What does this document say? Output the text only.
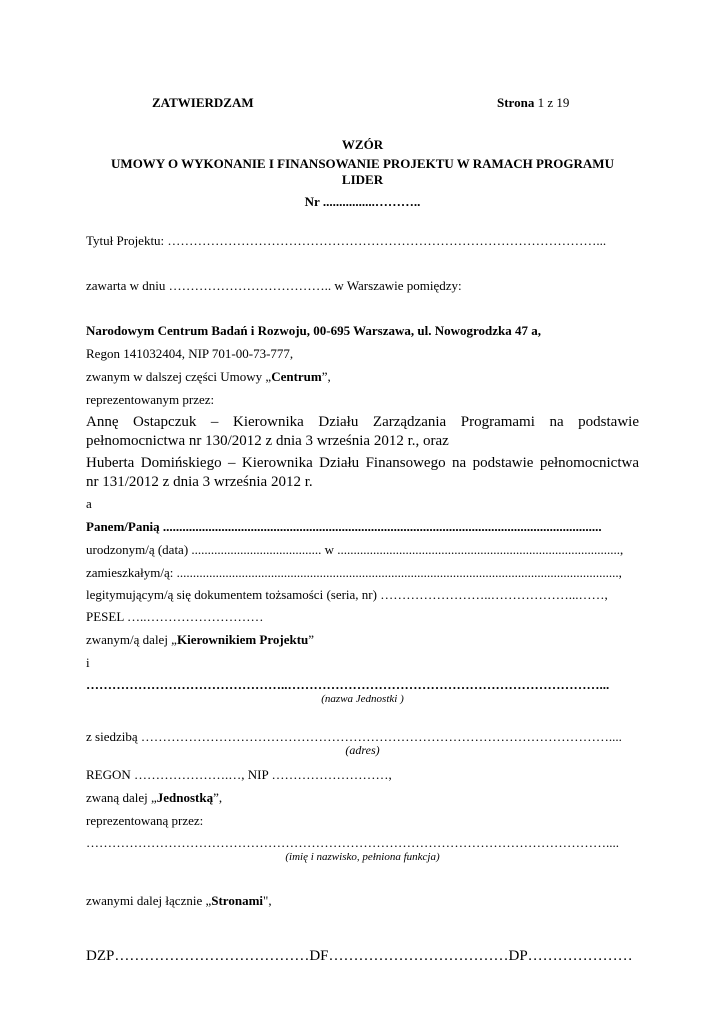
ZATWIERDZAM	Strona 1 z 19
WZÓR
UMOWY O WYKONANIE I FINANSOWANIE PROJEKTU W RAMACH PROGRAMU
LIDER
Nr ................………..
Tytuł Projektu: ………………………………………………………………………………………...
zawarta w dniu ……………………………….. w Warszawie pomiędzy:
Narodowym Centrum Badań i Rozwoju, 00-695 Warszawa, ul. Nowogrodzka 47 a,
Regon 141032404, NIP 701-00-73-777,
zwanym w dalszej części Umowy „Centrum”,
reprezentowanym przez:
Annę Ostapczuk – Kierownika Działu Zarządzania Programami na podstawie
pełnomocnictwa nr 130/2012 z dnia 3 września 2012 r., oraz
Huberta Domińskiego – Kierownika Działu Finansowego na podstawie pełnomocnictwa
nr 131/2012 z dnia 3 września 2012 r.
a
Panem/Panią .......................................................................................................................................
urodzonym/ą (data) ........................................ w .......................................................................................,
zamieszkałym/ą: ........................................................................................................................................,
legitymującym/ą się dokumentem tożsamości (seria, nr) ……………………..………………...……,
PESEL …..………………………
zwanym/ą dalej „Kierownikiem Projektu”
i
………………………………………..………………………………………………………………...
(nazwa Jednostki )
z siedzibą ………………………………………………………………………………………………....
(adres)
REGON ………………….…, NIP ………………………,
zwaną dalej „Jednostką”,
reprezentowaną przez:
…………………………………………………………………………………………………………....
(imię i nazwisko, pełniona funkcja)
zwanymi dalej łącznie „Stronami",
DZP…………………………………DF………………………………DP…………………
